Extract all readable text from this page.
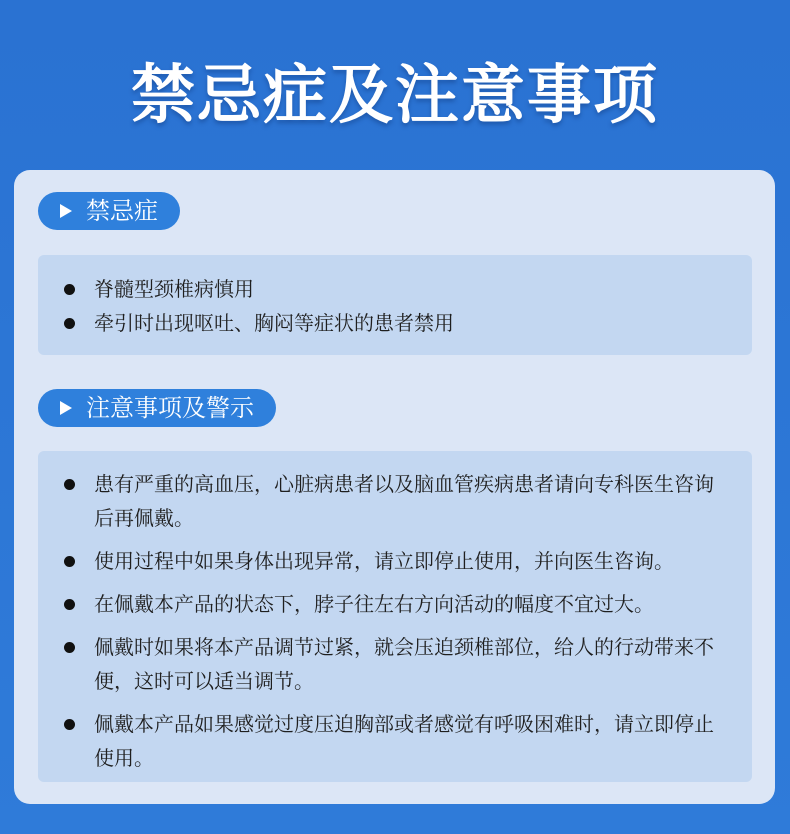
禁忌症及注意事项
禁忌症
脊髓型颈椎病慎用
牵引时出现呕吐、胸闷等症状的患者禁用
注意事项及警示
患有严重的高血压，心脏病患者以及脑血管疾病患者请向专科医生咨询后再佩戴。
使用过程中如果身体出现异常，请立即停止使用，并向医生咨询。
在佩戴本产品的状态下，脖子往左右方向活动的幅度不宜过大。
佩戴时如果将本产品调节过紧，就会压迫颈椎部位，给人的行动带来不便，这时可以适当调节。
佩戴本产品如果感觉过度压迫胸部或者感觉有呼吸困难时，请立即停止使用。
